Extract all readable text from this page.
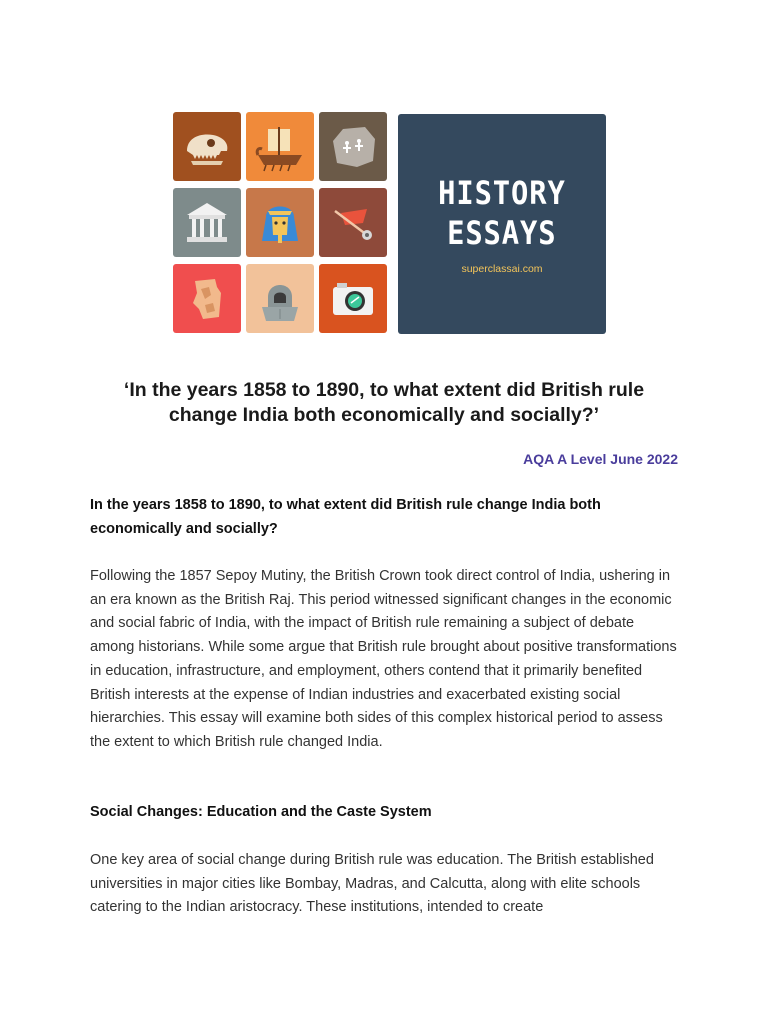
HISTORY
ESSAYS
superclassai.com
‘In the years 1858 to 1890, to what extent did British rule change India both economically and socially?’
AQA A Level June 2022
In the years 1858 to 1890, to what extent did British rule change India both economically and socially?
Following the 1857 Sepoy Mutiny, the British Crown took direct control of India, ushering in an era known as the British Raj. This period witnessed significant changes in the economic and social fabric of India, with the impact of British rule remaining a subject of debate among historians. While some argue that British rule brought about positive transformations in education, infrastructure, and employment, others contend that it primarily benefited British interests at the expense of Indian industries and exacerbated existing social hierarchies. This essay will examine both sides of this complex historical period to assess the extent to which British rule changed India.
Social Changes: Education and the Caste System
One key area of social change during British rule was education. The British established universities in major cities like Bombay, Madras, and Calcutta, along with elite schools catering to the Indian aristocracy. These institutions, intended to create
